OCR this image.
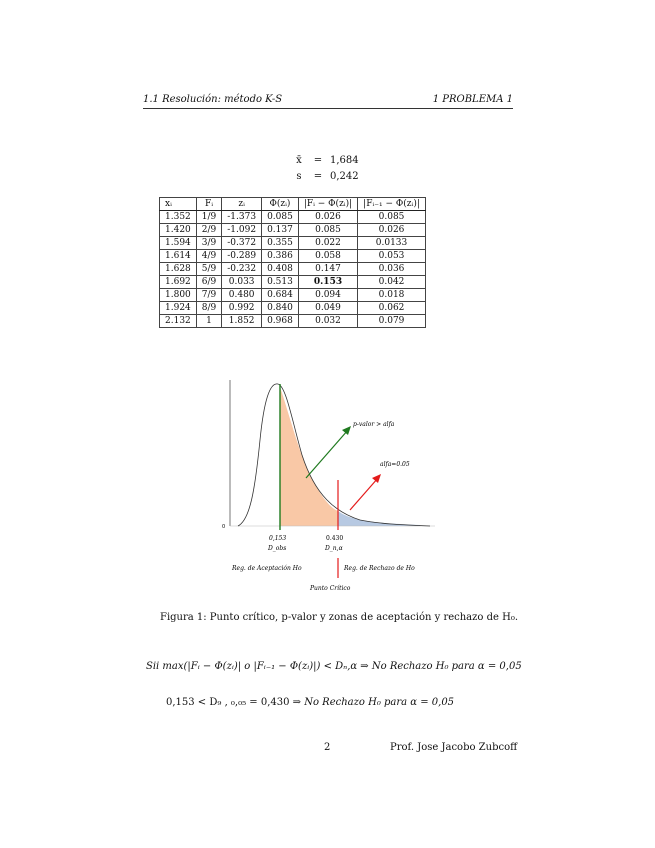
1.1 Resolución: método K-S	1 PROBLEMA 1
x̄ = 1,684
s = 0,242
xᵢ	Fᵢ	zᵢ	Φ(zᵢ)	|Fᵢ − Φ(zᵢ)|	|Fᵢ₋₁ − Φ(zᵢ)|
1.352	1/9	-1.373	0.085	0.026	0.085
1.420	2/9	-1.092	0.137	0.085	0.026
1.594	3/9	-0.372	0.355	0.022	0.0133
1.614	4/9	-0.289	0.386	0.058	0.053
1.628	5/9	-0.232	0.408	0.147	0.036
1.692	6/9	0.033	0.513	0.153	0.042
1.800	7/9	0.480	0.684	0.094	0.018
1.924	8/9	0.992	0.840	0.049	0.062
2.132	1	1.852	0.968	0.032	0.079
0
p-valor > alfa
alfa=0.05
0,153
D_obs
0.430
D_n,α
Reg. de Aceptación Ho	Reg. de Rechazo de Ho
Punto Crítico
Figura 1: Punto crítico, p-valor y zonas de aceptación y rechazo de H₀.
Sii max(|Fᵢ − Φ(zᵢ)| o |Fᵢ₋₁ − Φ(zᵢ)|) < Dₙ,α ⇒ No Rechazo H₀ para α = 0,05
0,153 < D₉ , ₀,₀₅ = 0,430 ⇒ No Rechazo H₀ para α = 0,05
2	Prof. Jose Jacobo Zubcoff
